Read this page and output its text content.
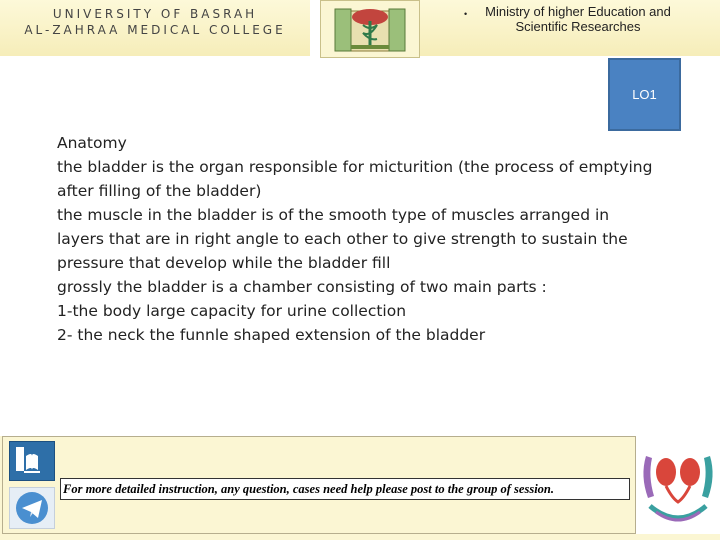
UNIVERSITY OF BASRAH
AL-ZAHRAA MEDICAL COLLEGE
•	Ministry of higher Education and Scientific Researches
LO1

Anatomy

the bladder is the organ responsible for micturition (the process of emptying after filling of the bladder)

the muscle in the bladder is of the smooth type of muscles arranged in layers that are in right angle to each other to give strength to sustain the pressure that develop while the bladder fill

grossly the bladder is a chamber consisting of two main parts :

1-the body large capacity for urine collection

2- the neck the funnle shaped extension of the bladder

For more detailed instruction, any question, cases need help please post to the group of session.
